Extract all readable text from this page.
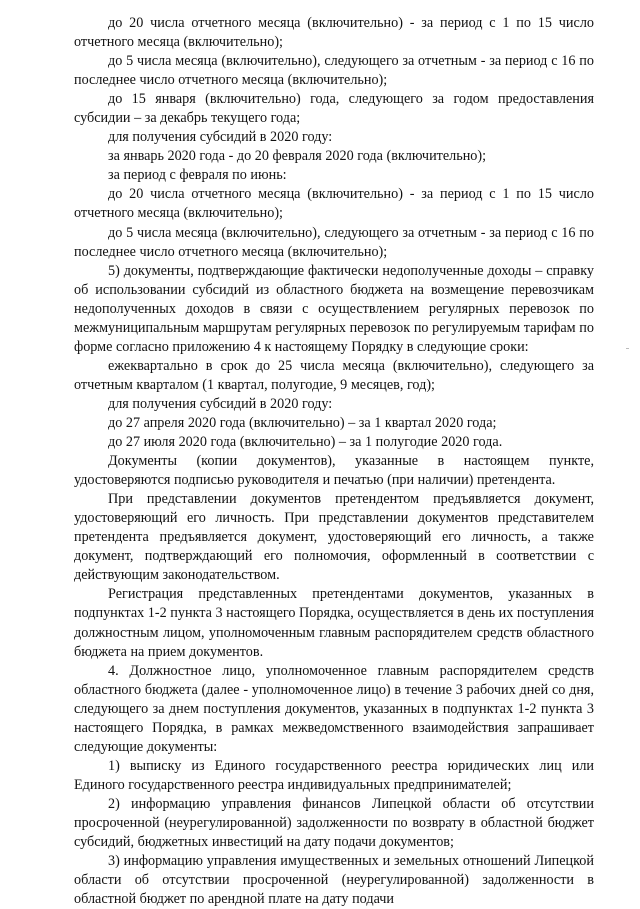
до 20 числа отчетного месяца (включительно) - за период с 1 по 15 число отчетного месяца (включительно);

до 5 числа месяца (включительно), следующего за отчетным - за период с 16 по последнее число отчетного месяца (включительно);

до 15 января (включительно) года, следующего за годом предоставления субсидии – за декабрь текущего года;

для получения субсидий в 2020 году:

за январь 2020 года - до 20 февраля 2020 года (включительно);

за период с февраля по июнь:

до 20 числа отчетного месяца (включительно) - за период с 1 по 15 число отчетного месяца (включительно);

до 5 числа месяца (включительно), следующего за отчетным - за период с 16 по последнее число отчетного месяца (включительно);

5) документы, подтверждающие фактически недополученные доходы – справку об использовании субсидий из областного бюджета на возмещение перевозчикам недополученных доходов в связи с осуществлением регулярных перевозок по межмуниципальным маршрутам регулярных перевозок по регулируемым тарифам по форме согласно приложению 4 к настоящему Порядку в следующие сроки:

ежеквартально в срок до 25 числа месяца (включительно), следующего за отчетным кварталом (1 квартал, полугодие, 9 месяцев, год);

для получения субсидий в 2020 году:

до 27 апреля 2020 года (включительно) – за 1 квартал 2020 года;

до 27 июля 2020 года (включительно) – за 1 полугодие 2020 года.

Документы (копии документов), указанные в настоящем пункте, удостоверяются подписью руководителя и печатью (при наличии) претендента.

При представлении документов претендентом предъявляется документ, удостоверяющий его личность. При представлении документов представителем претендента предъявляется документ, удостоверяющий его личность, а также документ, подтверждающий его полномочия, оформленный в соответствии с действующим законодательством.

Регистрация представленных претендентами документов, указанных в подпунктах 1-2 пункта 3 настоящего Порядка, осуществляется в день их поступления должностным лицом, уполномоченным главным распорядителем средств областного бюджета на прием документов.

4. Должностное лицо, уполномоченное главным распорядителем средств областного бюджета (далее - уполномоченное лицо) в течение 3 рабочих дней со дня, следующего за днем поступления документов, указанных в подпунктах 1-2 пункта 3 настоящего Порядка, в рамках межведомственного взаимодействия запрашивает следующие документы:

1) выписку из Единого государственного реестра юридических лиц или Единого государственного реестра индивидуальных предпринимателей;

2) информацию управления финансов Липецкой области об отсутствии просроченной (неурегулированной) задолженности по возврату в областной бюджет субсидий, бюджетных инвестиций на дату подачи документов;

3) информацию управления имущественных и земельных отношений Липецкой области об отсутствии просроченной (неурегулированной) задолженности в областной бюджет по арендной плате на дату подачи
